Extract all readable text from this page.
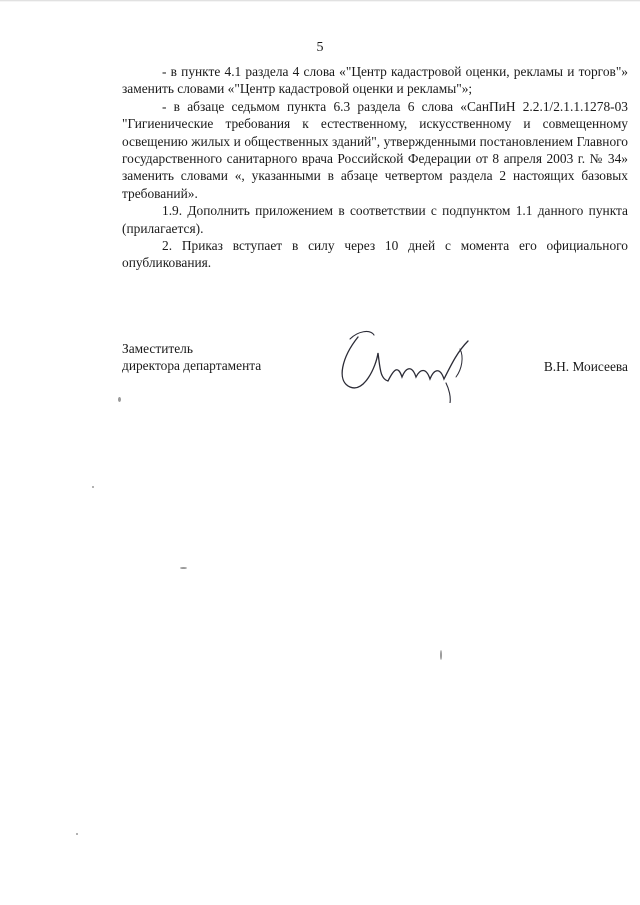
5

- в пункте 4.1 раздела 4 слова «"Центр кадастровой оценки, рекламы и торгов"» заменить словами «"Центр кадастровой оценки и рекламы"»;

- в абзаце седьмом пункта 6.3 раздела 6 слова «СанПиН 2.2.1/2.1.1.1278-03 "Гигиенические требования к естественному, искусственному и совмещенному освещению жилых и общественных зданий", утвержденными постановлением Главного государственного санитарного врача Российской Федерации от 8 апреля 2003 г. № 34» заменить словами «, указанными в абзаце четвертом раздела 2 настоящих базовых требований».

1.9. Дополнить приложением в соответствии с подпунктом 1.1 данного пункта (прилагается).

2. Приказ вступает в силу через 10 дней с момента его официального опубликования.

Заместитель
директора департамента	В.Н. Моисеева
